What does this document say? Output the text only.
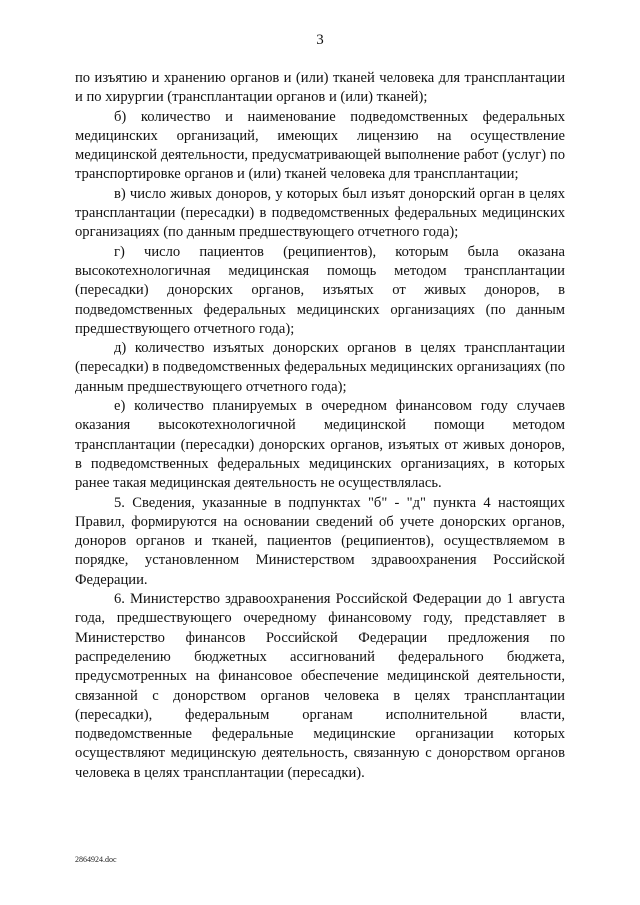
3

по изъятию и хранению органов и (или) тканей человека для трансплантации и по хирургии (трансплантации органов и (или) тканей);

б) количество и наименование подведомственных федеральных медицинских организаций, имеющих лицензию на осуществление медицинской деятельности, предусматривающей выполнение работ (услуг) по транспортировке органов и (или) тканей человека для трансплантации;

в) число живых доноров, у которых был изъят донорский орган в целях трансплантации (пересадки) в подведомственных федеральных медицинских организациях (по данным предшествующего отчетного года);

г) число пациентов (реципиентов), которым была оказана высокотехнологичная медицинская помощь методом трансплантации (пересадки) донорских органов, изъятых от живых доноров, в подведомственных федеральных медицинских организациях (по данным предшествующего отчетного года);

д) количество изъятых донорских органов в целях трансплантации (пересадки) в подведомственных федеральных медицинских организациях (по данным предшествующего отчетного года);

е) количество планируемых в очередном финансовом году случаев оказания высокотехнологичной медицинской помощи методом трансплантации (пересадки) донорских органов, изъятых от живых доноров, в подведомственных федеральных медицинских организациях, в которых ранее такая медицинская деятельность не осуществлялась.

5. Сведения, указанные в подпунктах "б" - "д" пункта 4 настоящих Правил, формируются на основании сведений об учете донорских органов, доноров органов и тканей, пациентов (реципиентов), осуществляемом в порядке, установленном Министерством здравоохранения Российской Федерации.

6. Министерство здравоохранения Российской Федерации до 1 августа года, предшествующего очередному финансовому году, представляет в Министерство финансов Российской Федерации предложения по распределению бюджетных ассигнований федерального бюджета, предусмотренных на финансовое обеспечение медицинской деятельности, связанной с донорством органов человека в целях трансплантации (пересадки), федеральным органам исполнительной власти, подведомственные федеральные медицинские организации которых осуществляют медицинскую деятельность, связанную с донорством органов человека в целях трансплантации (пересадки).

2864924.doc
